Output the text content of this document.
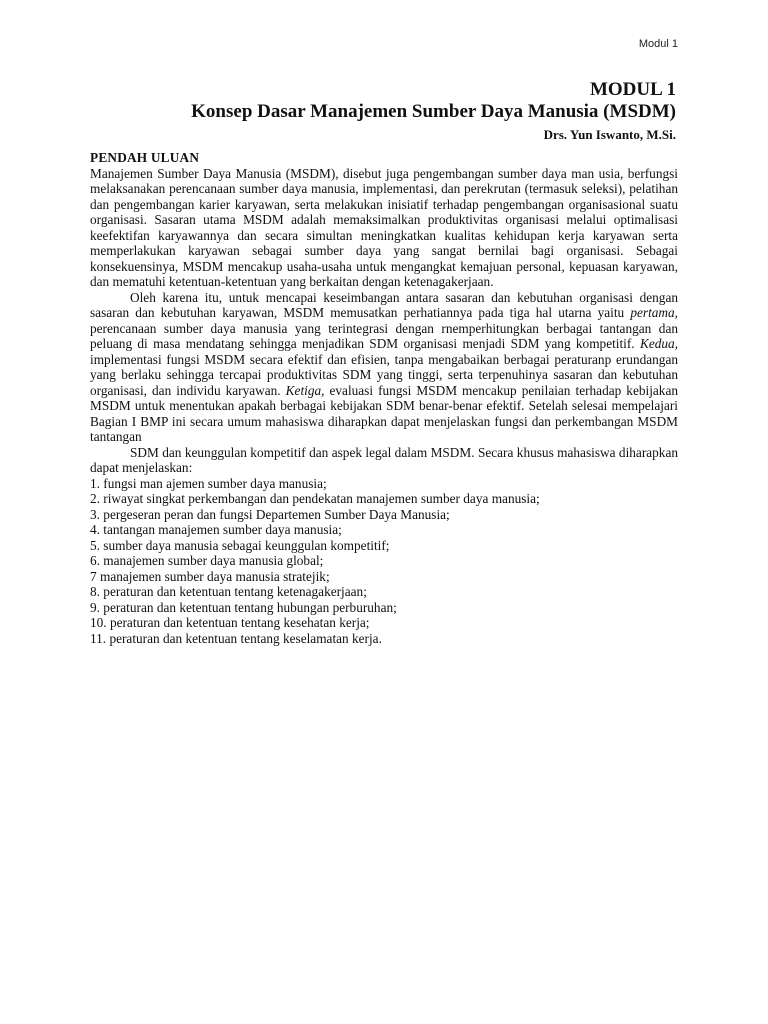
Modul 1
MODUL 1
Konsep Dasar Manajemen Sumber Daya Manusia (MSDM)
Drs. Yun Iswanto, M.Si.
PENDAH ULUAN

Manajemen Sumber Daya Manusia (MSDM), disebut juga pengembangan sumber daya man usia, berfungsi melaksanakan perencanaan sumber daya manusia, implementasi, dan perekrutan (termasuk seleksi), pelatihan dan pengembangan karier karyawan, serta melakukan inisiatif terhadap pengembangan organisasional suatu organisasi. Sasaran utama MSDM adalah memaksimalkan produktivitas organisasi melalui optimalisasi keefektifan karyawannya dan secara simultan meningkatkan kualitas kehidupan kerja karyawan serta memperlakukan karyawan sebagai sumber daya yang sangat bernilai bagi organisasi. Sebagai konsekuensinya, MSDM mencakup usaha-usaha untuk mengangkat kemajuan personal, kepuasan karyawan, dan mematuhi ketentuan-ketentuan yang berkaitan dengan ketenagakerjaan.

Oleh karena itu, untuk mencapai keseimbangan antara sasaran dan kebutuhan organisasi dengan sasaran dan kebutuhan karyawan, MSDM memusatkan perhatiannya pada tiga hal utarna yaitu pertama, perencanaan sumber daya manusia yang terintegrasi dengan rnemperhitungkan berbagai tantangan dan peluang di masa mendatang sehingga menjadikan SDM organisasi menjadi SDM yang kompetitif. Kedua, implementasi fungsi MSDM secara efektif dan efisien, tanpa mengabaikan berbagai peraturanp erundangan yang berlaku sehingga tercapai produktivitas SDM yang tinggi, serta terpenuhinya sasaran dan kebutuhan organisasi, dan individu karyawan. Ketiga, evaluasi fungsi MSDM mencakup penilaian terhadap kebijakan MSDM untuk menentukan apakah berbagai kebijakan SDM benar-benar efektif. Setelah selesai mempelajari Bagian I BMP ini secara umum mahasiswa diharapkan dapat menjelaskan fungsi dan perkembangan MSDM tantangan

SDM dan keunggulan kompetitif dan aspek legal dalam MSDM. Secara khusus mahasiswa diharapkan dapat menjelaskan:

1. fungsi man ajemen sumber daya manusia;
2. riwayat singkat perkembangan dan pendekatan manajemen sumber daya manusia;
3. pergeseran peran dan fungsi Departemen Sumber Daya Manusia;
4. tantangan manajemen sumber daya manusia;
5. sumber daya manusia sebagai keunggulan kompetitif;
6. manajemen sumber daya manusia global;
7 manajemen sumber daya manusia stratejik;
8. peraturan dan ketentuan tentang ketenagakerjaan;
9. peraturan dan ketentuan tentang hubungan perburuhan;
10. peraturan dan ketentuan tentang kesehatan kerja;
11. peraturan dan ketentuan tentang keselamatan kerja.
